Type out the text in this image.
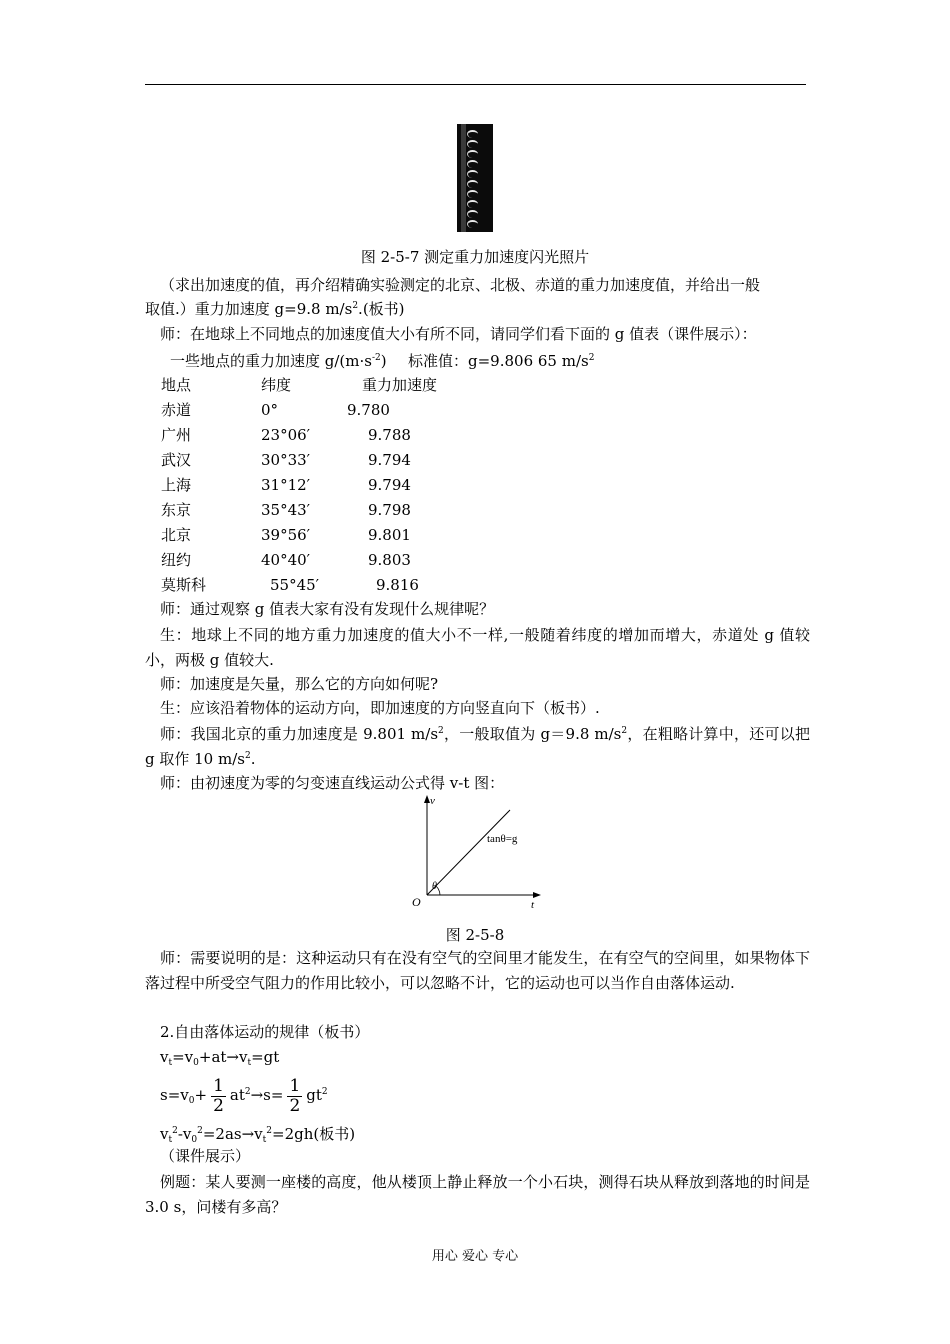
图 2-5-7 测定重力加速度闪光照片
（求出加速度的值，再介绍精确实验测定的北京、北极、赤道的重力加速度值，并给出一般
取值.）重力加速度 g=9.8 $m/s^2$.(板书)
师：在地球上不同地点的加速度值大小有所不同，请同学们看下面的 g 值表（课件展示）：
一些地点的重力加速度 $g/(m\cdot s^{-2})$ 标准值：g=9.806 65 $m/s^2$
地点	纬度	重力加速度
赤道	0°	9.780
广州	23°06′	9.788
武汉	30°33′	9.794
上海	31°12′	9.794
东京	35°43′	9.798
北京	39°56′	9.801
纽约	40°40′	9.803
莫斯科	55°45′	9.816
师：通过观察 g 值表大家有没有发现什么规律呢？
生：地球上不同的地方重力加速度的值大小不一样,一般随着纬度的增加而增大，赤道处 g 值较小，两极 g 值较大.
师：加速度是矢量，那么它的方向如何呢?
生：应该沿着物体的运动方向，即加速度的方向竖直向下（板书）.
师：我国北京的重力加速度是 9.801 $m/s^2$，一般取值为 g＝9.8 $m/s^2$，在粗略计算中，还可以把 g 取作 10 $m/s^2$.
师：由初速度为零的匀变速直线运动公式得 v-t 图：
v
t
O
θ
tanθ=g
图 2-5-8
师：需要说明的是：这种运动只有在没有空气的空间里才能发生，在有空气的空间里，如果物体下落过程中所受空气阻力的作用比较小，可以忽略不计，它的运动也可以当作自由落体运动.
2.自由落体运动的规律（板书）
$v_t=v_0+at\to v_t=gt$
$s=v_0+ \frac{1}{2} at^2\to s= \frac{1}{2} gt^2$
$v_t^2-v_0^2=2as\to v_t^2=2gh$(板书)
（课件展示）
例题：某人要测一座楼的高度，他从楼顶上静止释放一个小石块，测得石块从释放到落地的时间是 3.0 s，问楼有多高？
用心 爱心 专心
